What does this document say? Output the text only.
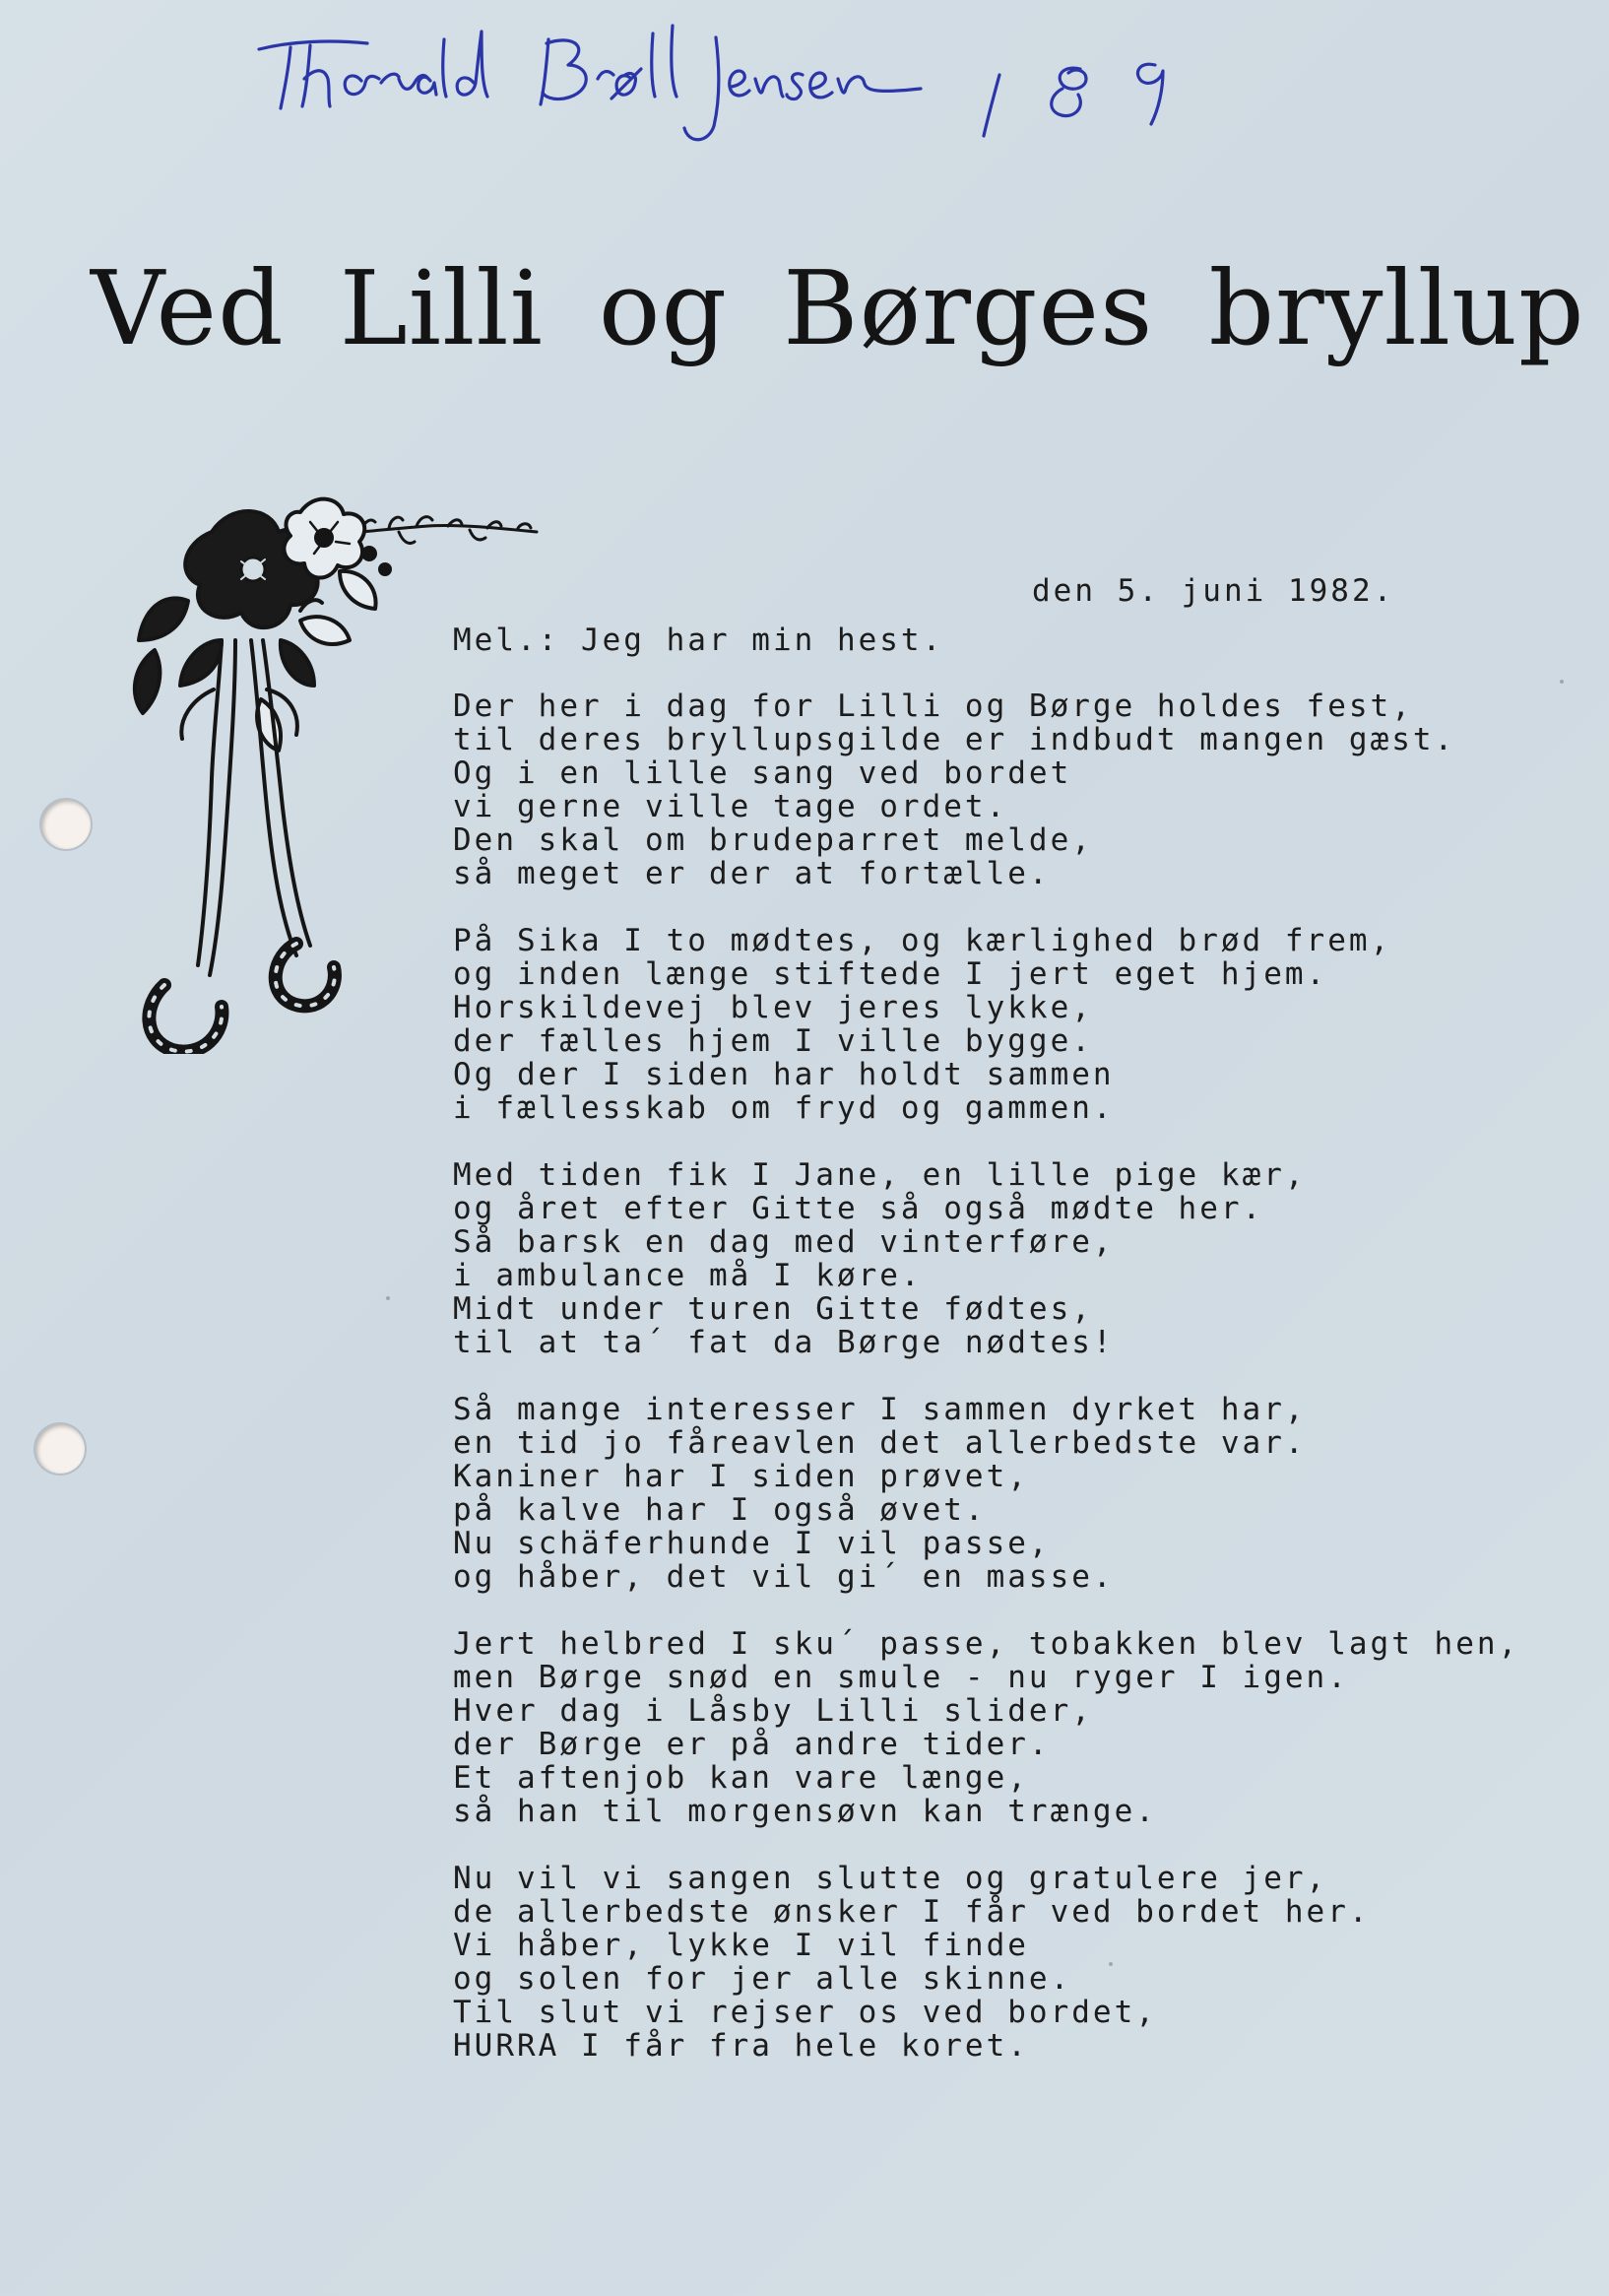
Ved Lilli og Børges bryllup
den 5. juni 1982.
Mel.: Jeg har min hest.
Der her i dag for Lilli og Børge holdes fest,
til deres bryllupsgilde er indbudt mangen gæst.
Og i en lille sang ved bordet
vi gerne ville tage ordet.
Den skal om brudeparret melde,
så meget er der at fortælle.
På Sika I to mødtes, og kærlighed brød frem,
og inden længe stiftede I jert eget hjem.
Horskildevej blev jeres lykke,
der fælles hjem I ville bygge.
Og der I siden har holdt sammen
i fællesskab om fryd og gammen.
Med tiden fik I Jane, en lille pige kær,
og året efter Gitte så også mødte her.
Så barsk en dag med vinterføre,
i ambulance må I køre.
Midt under turen Gitte fødtes,
til at ta´ fat da Børge nødtes!
Så mange interesser I sammen dyrket har,
en tid jo fåreavlen det allerbedste var.
Kaniner har I siden prøvet,
på kalve har I også øvet.
Nu schäferhunde I vil passe,
og håber, det vil gi´ en masse.
Jert helbred I sku´ passe, tobakken blev lagt hen,
men Børge snød en smule - nu ryger I igen.
Hver dag i Låsby Lilli slider,
der Børge er på andre tider.
Et aftenjob kan vare længe,
så han til morgensøvn kan trænge.
Nu vil vi sangen slutte og gratulere jer,
de allerbedste ønsker I får ved bordet her.
Vi håber, lykke I vil finde
og solen for jer alle skinne.
Til slut vi rejser os ved bordet,
HURRA I får fra hele koret.
